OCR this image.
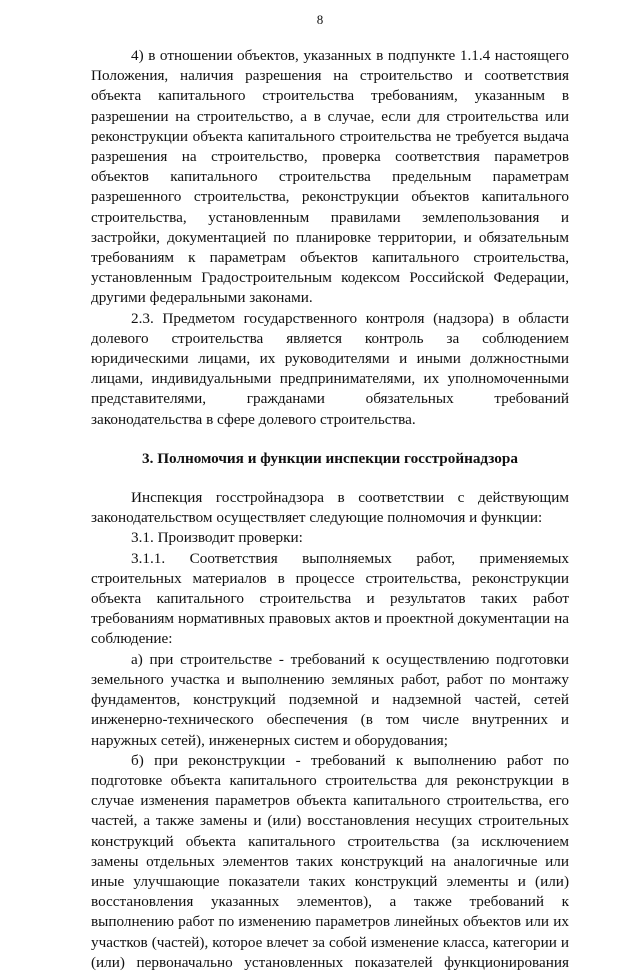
8

4) в отношении объектов, указанных в подпункте 1.1.4 настоящего Положения, наличия разрешения на строительство и соответствия объекта капитального строительства требованиям, указанным в разрешении на строительство, а в случае, если для строительства или реконструкции объекта капитального строительства не требуется выдача разрешения на строительство, проверка соответствия параметров объектов капитального строительства предельным параметрам разрешенного строительства, реконструкции объектов капитального строительства, установленным правилами землепользования и застройки, документацией по планировке территории, и обязательным требованиям к параметрам объектов капитального строительства, установленным Градостроительным кодексом Российской Федерации, другими федеральными законами.

2.3. Предметом государственного контроля (надзора) в области долевого строительства является контроль за соблюдением юридическими лицами, их руководителями и иными должностными лицами, индивидуальными предпринимателями, их уполномоченными представителями, гражданами обязательных требований законодательства в сфере долевого строительства.

3. Полномочия и функции инспекции госстройнадзора

Инспекция госстройнадзора в соответствии с действующим законодательством осуществляет следующие полномочия и функции:

3.1. Производит проверки:

3.1.1. Соответствия выполняемых работ, применяемых строительных материалов в процессе строительства, реконструкции объекта капитального строительства и результатов таких работ требованиям нормативных правовых актов и проектной документации на соблюдение:

а) при строительстве - требований к осуществлению подготовки земельного участка и выполнению земляных работ, работ по монтажу фундаментов, конструкций подземной и надземной частей, сетей инженерно-технического обеспечения (в том числе внутренних и наружных сетей), инженерных систем и оборудования;

б) при реконструкции - требований к выполнению работ по подготовке объекта капитального строительства для реконструкции в случае изменения параметров объекта капитального строительства, его частей, а также замены и (или) восстановления несущих строительных конструкций объекта капитального строительства (за исключением замены отдельных элементов таких конструкций на аналогичные или иные улучшающие показатели таких конструкций элементы и (или) восстановления указанных элементов), а также требований к выполнению работ по изменению параметров линейных объектов или их участков (частей), которое влечет за собой изменение класса, категории и (или) первоначально установленных показателей функционирования
